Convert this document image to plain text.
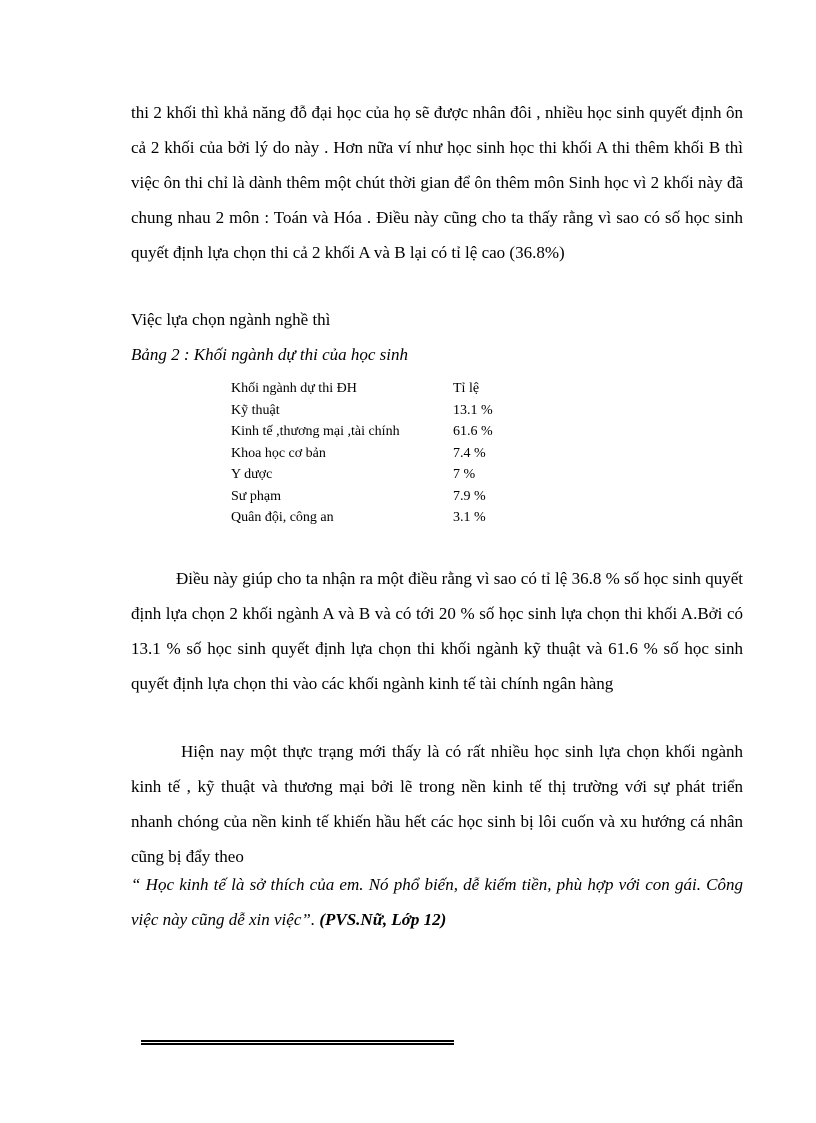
thi 2 khối thì khả năng đỗ đại học của họ sẽ được nhân đôi , nhiều học sinh quyết định ôn cả 2 khối của bởi lý do này . Hơn nữa ví như học sinh học thi khối A thi thêm khối B thì việc ôn thi chỉ là dành thêm một chút thời gian để ôn thêm môn Sinh học vì 2 khối này đã chung nhau 2 môn : Toán và Hóa . Điều này cũng cho ta thấy rằng vì sao có số học sinh quyết định lựa chọn thi cả 2 khối A và B lại có tỉ lệ cao (36.8%)

Việc lựa chọn ngành nghề thì

Bảng 2 : Khối ngành dự thi của học sinh

Khối ngành dự thi ĐH	Tỉ lệ
Kỹ thuật	13.1 %
Kinh tế ,thương mại ,tài chính	61.6 %
Khoa học cơ bản	7.4 %
Y dược	7 %
Sư phạm	7.9 %
Quân đội, công an	3.1 %

Điều này giúp cho ta nhận ra một điều rằng vì sao có tỉ lệ 36.8 % số học sinh quyết định lựa chọn 2 khối ngành A và B và có tới 20 % số học sinh lựa chọn thi khối A.Bởi có 13.1 % số học sinh quyết định lựa chọn thi khối ngành kỹ thuật và 61.6 % số học sinh quyết định lựa chọn thi vào các khối ngành kinh tế tài chính ngân hàng

Hiện nay một thực trạng mới thấy là có rất nhiều học sinh lựa chọn khối ngành kinh tế , kỹ thuật và thương mại bởi lẽ trong nền kinh tế thị trường với sự phát triển nhanh chóng của nền kinh tế khiến hầu hết các học sinh bị lôi cuốn và xu hướng cá nhân cũng bị đẩy theo

“ Học kinh tế là sở thích của em. Nó phổ biến, dễ kiếm tiền, phù hợp với con gái. Công việc này cũng dễ xin việc”. (PVS.Nữ, Lớp 12)
